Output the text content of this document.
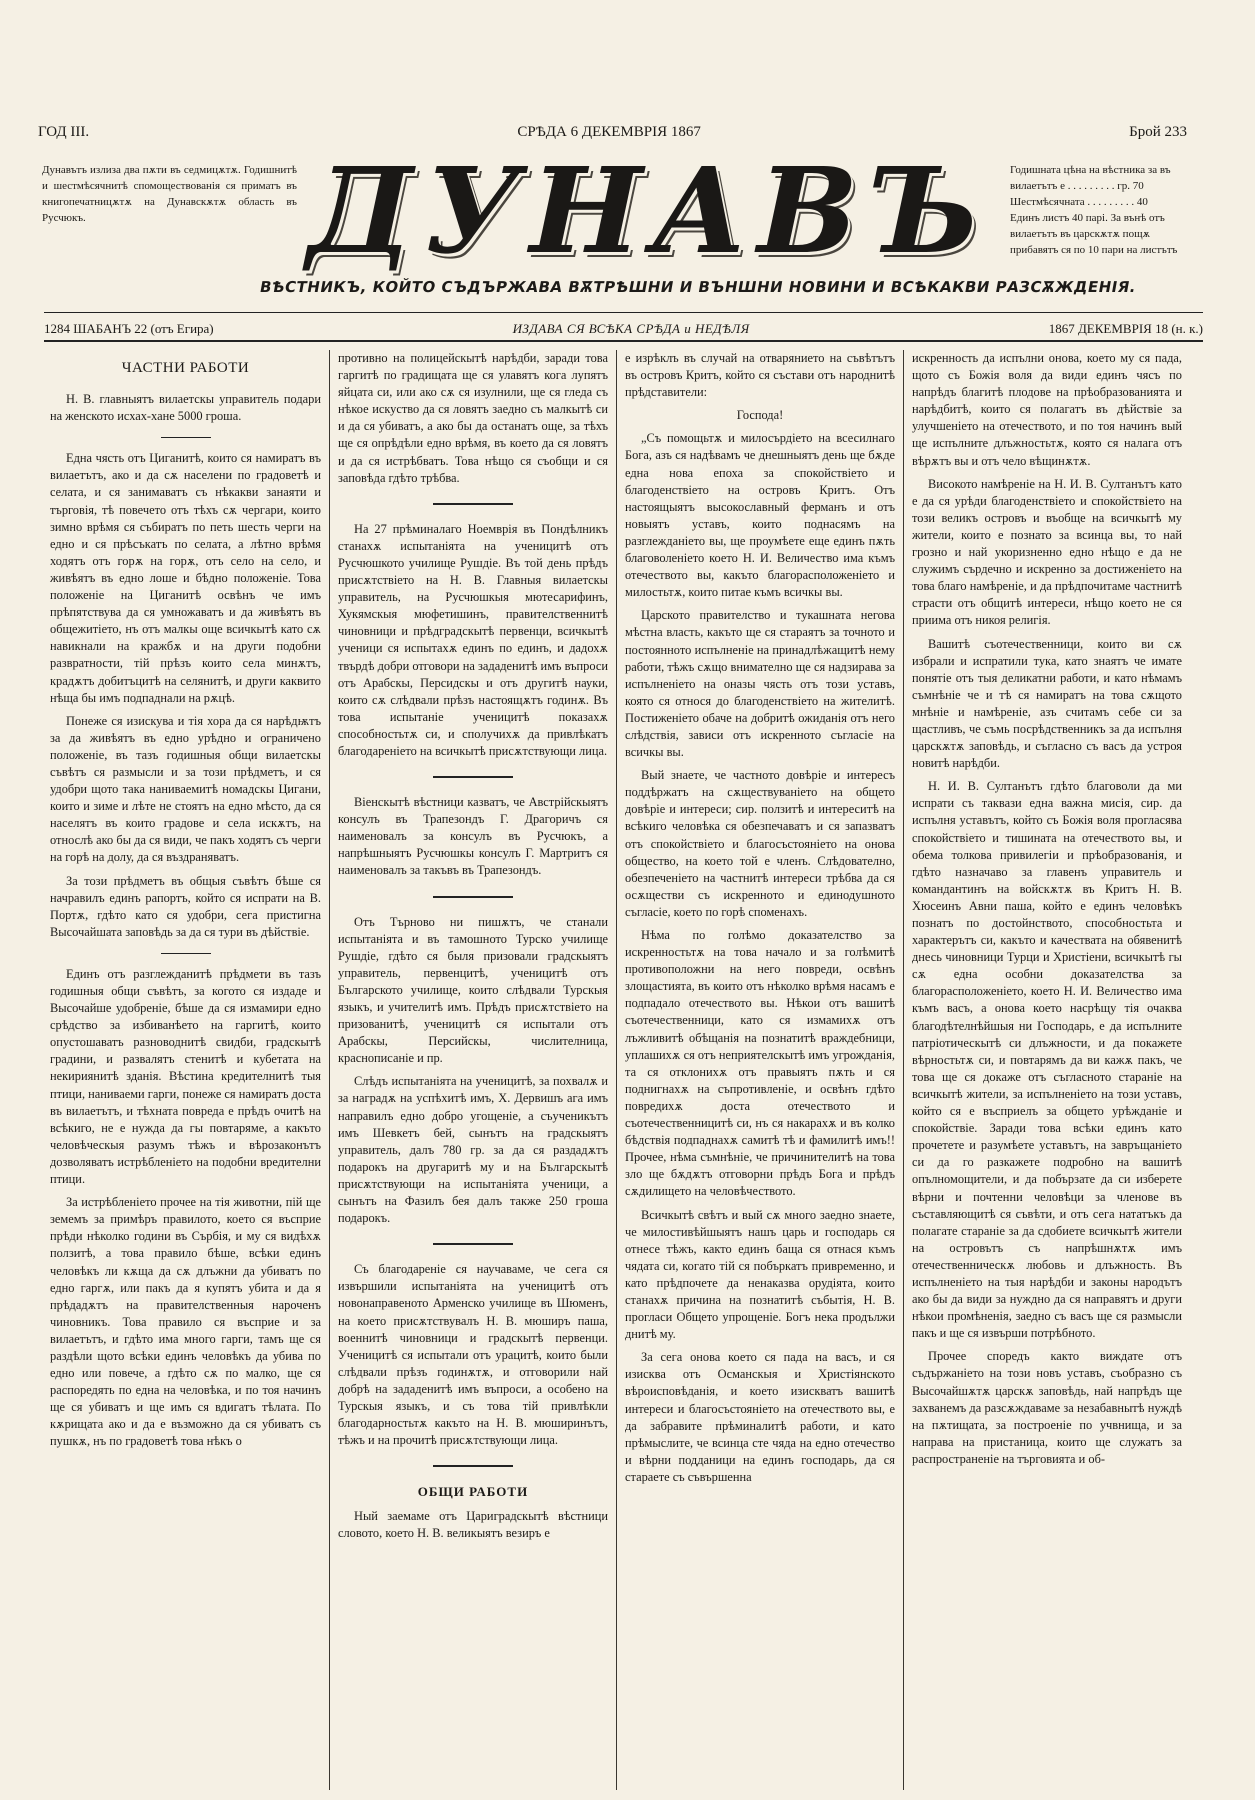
ГОД III.	СРѢДА 6 ДЕКЕМВРІЯ 1867	Брой 233
Дунавътъ излиза два пѫти въ седмицѫтѫ. Годишнитѣ и шестмѣсячнитѣ спомоществованія ся приматъ въ книгопечатницѫтѫ на Дунавскѫтѫ область въ Русчюкъ.
Годишната цѣна на вѣстника за въ
вилаетътъ е . . . . . . . . . гр. 70
Шестмѣсячната . . . . . . . . . 40
Единъ листъ 40 парі. За вънѣ отъ
вилаетътъ въ царскѫтѫ пощѫ
прибавятъ ся по 10 пари на листътъ
ДУНАВЪ
ВѢСТНИКЪ, КОЙТО СЪДЪРЖАВА ВѪТРѢШНИ И ВЪНШНИ НОВИНИ И ВСѢКАКВИ РАЗСѪЖДЕНІЯ.
1284 ШАБАНЪ 22 (отъ Егира)	ИЗДАВА СЯ ВСѢКА СРѢДА и НЕДѢЛЯ	1867 ДЕКЕМВРІЯ 18 (н. к.)
ЧАСТНИ РАБОТИ

Н. В. главныятъ вилаетскы управитель подари на женското исхах-хане 5000 гроша.

Една чясть отъ Циганитѣ, които ся намиратъ въ вилаетътъ, ако и да сѫ населени по градоветѣ и селата, и ся занимаватъ съ нѣкакви занаяти и търговія, тѣ повечето отъ тѣхъ сѫ чергари, които зимно врѣмя ся събиратъ по петь шесть черги на едно и ся прѣсъкатъ по селата, а лѣтно врѣмя ходятъ отъ горѫ на горѫ, отъ село на село, и живѣятъ въ едно лоше и бѣдно положеніе. Това положеніе на Циганитѣ освѣнъ че имъ прѣпятствува да ся умножаватъ и да живѣятъ въ общежитіето, нъ отъ малкы още всичкытѣ като сѫ навикнали на кражбѫ и на други подобни развратности, тій прѣзъ които села минѫтъ, крадѫтъ добитъцитѣ на селянитѣ, и други каквито нѣща бы имъ подпаднали на рѫцѣ.

Понеже ся изискува и тія хора да ся нарѣдѭтъ за да живѣятъ въ едно урѣдно и ограничено положеніе, въ тазъ годишныя общи вилаетскы съвѣтъ ся размысли и за този прѣдметъ, и ся удобри щото така наниваемитѣ номадскы Цигани, които и зиме и лѣте не стоятъ на едно мѣсто, да ся населятъ въ които градове и села искѫтъ, на относлѣ ако бы да ся види, че пакъ ходятъ съ черги на горѣ на долу, да ся въздраняватъ.

За този прѣдметъ въ общыя съвѣтъ бѣше ся начравилъ единъ рапортъ, който ся испрати на В. Портѫ, гдѣто като ся удобри, сега пристигна Высочайшата заповѣдь за да ся тури въ дѣйствіе.

Единъ отъ разглежданитѣ прѣдмети въ тазъ годишныя общи съвѣтъ, за когото ся издаде и Высочайше удобреніе, бѣше да ся измамири едно срѣдство за избиванѣето на гаргитѣ, които опустошаватъ разноводнитѣ свидби, градскытѣ градини, и развалятъ стенитѣ и кубетата на некириянитѣ зданія. Вѣстина кредителнитѣ тыя птици, наниваеми гарги, понеже ся намиратъ доста въ вилаетътъ, и тѣхната повреда е прѣдъ очитѣ на всѣкиго, не е нужда да гы повтаряме, а какъто человѣческыя разумъ тѣжъ и вѣрозаконътъ дозволяватъ истрѣбленіето на подобни вредителни птици.

За истрѣбленіето прочее на тія животни, пій ще земемъ за примѣръ правилото, което ся въсприе прѣди нѣколко години въ Сърбія, и му ся видѣхѫ ползитѣ, а това правило бѣше, всѣки единъ человѣкъ ли кѫща да сѫ длъжни да убиватъ по едно гаргѫ, или пакъ да я купятъ убита и да я прѣдадѫтъ на правителственныя нароченъ чиновникъ. Това правило ся въсприе и за вилаетътъ, и гдѣто има много гарги, тамъ ще ся раздѣли щото всѣки единъ человѣкъ да убива по едно или повече, а гдѣто сѫ по малко, ще ся распоредять по една на человѣка, и по тоя начинъ ще ся убиватъ и ще имъ ся вдигатъ тѣлата. По кѫрищата ако и да е възможно да ся убиватъ съ пушкѫ, нъ по градоветѣ това нѣкъ о

противно на полицейскытѣ нарѣдби, заради това гаргитѣ по градищата ще ся улавятъ кога лупятъ яйцата си, или ако сѫ ся изулнили, ще ся гледа съ нѣкое искуство да ся ловятъ заедно съ малкытѣ си и да ся убиватъ, а ако бы да останатъ още, за тѣхъ ще ся опрѣдѣли едно врѣмя, въ което да ся ловятъ и да ся истрѣбватъ. Това нѣщо ся съобщи и ся заповѣда гдѣто трѣбва.

На 27 прѣминалаго Ноемврія въ Пондѣлникъ станахѫ испытаніята на ученицитѣ отъ Русчюшкото училище Рушдіе. Въ той день прѣдъ присѫтствіето на Н. В. Главныя вилаетскы управитель, на Русчюшкыя мютесарифинъ, Хукямскыя мюфетишинъ, правителственнитѣ чиновници и прѣдградскытѣ первенци, всичкытѣ ученици ся испытахѫ единъ по единъ, и дадохѫ твърдѣ добри отговори на зададенитѣ имъ въпроси отъ Арабскы, Персидскы и отъ другитѣ науки, които сѫ слѣдвали прѣзъ настоящѫтъ годинѫ. Въ това испытаніе ученицитѣ показахѫ способностьтѫ си, и сполучихѫ да привлѣкатъ благодареніето на всичкытѣ присѫтствующи лица.

Віенскытѣ вѣстници казватъ, че Австрійскыятъ консулъ въ Трапезондъ Г. Драгоричъ ся наименовалъ за консулъ въ Русчюкъ, а напрѣшныятъ Русчюшкы консулъ Г. Мартритъ ся наименовалъ за такъвъ въ Трапезондъ.

Отъ Търново ни пишѫтъ, че станали испытаніята и въ тамошното Турско училище Рушдіе, гдѣто ся быля призовали градскыятъ управитель, первенцитѣ, ученицитѣ отъ Българското училище, които слѣдвали Турскыя языкъ, и учителитѣ имъ. Прѣдъ присѫтствіето на призованитѣ, ученицитѣ ся испытали отъ Арабскы, Персийскы, числителница, краснописаніе и пр.

Слѣдъ испытаніята на ученицитѣ, за похвалѫ и за наградѫ на успѣхитѣ имъ, Х. Дервишъ ага имъ направилъ едно добро угощеніе, а съученикътъ имъ Шевкетъ бей, сынътъ на градскыятъ управитель, далъ 780 гр. за да ся раздадѫтъ подарокъ на другаритѣ му и на Българскытѣ присѫтствующи на испытаніята ученици, а сынътъ на Фазилъ бея далъ также 250 гроша подарокъ.

Съ благодареніе ся научаваме, че сега ся извършили испытаніята на ученицитѣ отъ новонаправеното Арменско училище въ Шюменъ, на което присѫтствувалъ Н. В. мюширъ паша, военнитѣ чиновници и градскытѣ первенци. Ученицитѣ ся испытали отъ урацитѣ, които были слѣдвали прѣзъ годинѫтѫ, и отговорили най добрѣ на зададенитѣ имъ въпроси, а особено на Турскыя языкъ, и съ това тій привлѣкли благодарностьтѫ какъто на Н. В. мюширинътъ, тѣжъ и на прочитѣ присѫтствующи лица.

ОБЩИ РАБОТИ

Ный заемаме отъ Цариградскытѣ вѣстници словото, което Н. В. великыятъ везиръ е

е изрѣклъ въ случай на отварянието на съвѣтътъ въ островъ Критъ, който ся състави отъ народнитѣ прѣдставители:

Господа!

„Съ помощьтѫ и милосърдіето на всесилнаго Бога, азъ ся надѣвамъ че днешныятъ день ще бѫде една нова епоха за спокойствіето и благоденствіето на островъ Критъ. Отъ настоящыятъ высокославный ферманъ и отъ новыятъ уставъ, които поднасямъ на разглежданіето вы, ще проумѣете еще единъ пѫть благоволеніето което Н. И. Величество има къмъ отечеството вы, какъто благорасположеніето и милостьтѫ, които питае къмъ всичкы вы.

Царското правителство и тукашната негова мѣстна власть, какъто ще ся стараятъ за точното и постоянното испълненіе на принадлѣжащитѣ нему работи, тѣжъ сѫщо внимателно ще ся надзирава за испълненіето на оназы чясть отъ този уставъ, която ся относя до благоденствіето на жителитѣ. Постиженіето обаче на добритѣ ожиданія отъ него слѣдствія, зависи отъ искренното съгласіе на всичкы вы.

Вый знаете, че частното довѣріе и интересъ поддѣржатъ на сѫществуваніето на общето довѣріе и интереси; сир. ползитѣ и интереситѣ на всѣкиго человѣка ся обезпечаватъ и ся запазватъ отъ спокойствіето и благосъстояніето на онова общество, на което той е членъ. Слѣдователно, обезпеченіето на частнитѣ интереси трѣбва да ся осѫществи съ искренното и единодушното съгласіе, което по горѣ споменахъ.

Нѣма по голѣмо доказателство за искренностьтѫ на това начало и за голѣмитѣ противоположни на него повреди, освѣнъ злощастията, въ които отъ нѣколко врѣмя насамъ е подпадало отечеството вы. Нѣкои отъ вашитѣ съотечественници, като ся измамихѫ отъ лъжливитѣ обѣщанія на познатитѣ враждебници, уплашихѫ ся отъ неприятелскытѣ имъ угрожданія, та ся отклонихѫ отъ правыятъ пѫть и ся поднигнахѫ на съпротивленіе, и освѣнъ гдѣто повредихѫ доста отечеството и съотечественницитѣ си, нъ ся накарахѫ и въ колко бѣдствія подпаднахѫ самитѣ тѣ и фамилитѣ имъ!! Прочее, нѣма съмнѣніе, че причинителитѣ на това зло ще бѫдѫтъ отговорни прѣдъ Бога и прѣдъ сѫдилището на человѣчеството.

Всичкытѣ свѣтъ и вый сѫ много заедно знаете, че милостивѣйшыятъ нашъ царь и господарь ся отнесе тѣжъ, както единъ баща ся отнася къмъ чядата си, когато тій ся побъркатъ привременно, и като прѣдпочете да ненаказва орудіята, които станахѫ причина на познатитѣ събытія, Н. В. прогласи Общето упрощеніе. Богъ нека продължи днитѣ му.

За сега онова което ся пада на васъ, и ся изисква отъ Османскыя и Христіянското вѣроисповѣданія, и което изискватъ вашитѣ интереси и благосъстояніето на отечеството вы, е да забравите прѣминалитѣ работи, и като прѣмыслите, че всинца сте чяда на едно отечество и вѣрни подданици на единъ господарь, да ся стараете съ съвършенна

искренность да испълни онова, което му ся пада, щото съ Божія воля да види единъ чясъ по напрѣдъ благитѣ плодове на прѣобразованията и нарѣдбитѣ, които ся полагатъ въ дѣйствіе за улучшеніето на отечеството, и по тоя начинъ вый ще испълните длъжностьтѫ, която ся налага отъ вѣрѫтъ вы и отъ чело вѣщинѫтѫ.

Високото намѣреніе на Н. И. В. Султанътъ като е да ся урѣди благоденствіето и спокойствіето на този великъ островъ и въобще на всичкытѣ му жители, които е познато за всинца вы, то най грозно и най укоризненно едно нѣщо е да не служимъ сърдечно и искренно за достиженіето на това благо намѣреніе, и да прѣдпочитаме частнитѣ страсти отъ общитѣ интереси, нѣщо което не ся приима отъ никоя религія.

Вашитѣ съотечественници, които ви сѫ избрали и испратили тука, като знаятъ че имате понятіе отъ тыя деликатни работи, и като нѣмамъ съмнѣніе че и тѣ ся намиратъ на това сѫщото мнѣніе и намѣреніе, азъ считамъ себе си за щастливъ, че съмь посрѣдственникъ за да испълня царскѫтѫ заповѣдь, и съгласно съ васъ да устроя новитѣ нарѣдби.

Н. И. В. Султанътъ гдѣто благоволи да ми испрати съ таквази една важна мисія, сир. да испълня уставътъ, който съ Божія воля прогласява спокойствіето и тишината на отечеството вы, и обема толкова привилегіи и прѣобразованія, и гдѣто назначаво за главенъ управитель и командантинъ на войскѫтѫ въ Критъ Н. В. Хюсеинъ Авни паша, който е единъ человѣкъ познатъ по достойнството, способностьта и характерътъ си, какъто и качествата на обявенитѣ днесь чиновници Турци и Христіени, всичкытѣ гы сѫ една особни доказателства за благорасположеніето, което Н. И. Величество има къмъ васъ, а онова което насрѣщу тія очаква благодѣтелнѣйшыя ни Господарь, е да испълните патріотическытѣ си длъжности, и да покажете вѣрностьтѫ си, и повтарямъ да ви кажѫ пакъ, че това ще ся докаже отъ съгласното стараніе на всичкытѣ жители, за испълненіето на този уставъ, който ся е въсприелъ за общето урѣжданіе и спокойствіе. Заради това всѣки единъ като прочетете и разумѣете уставътъ, на завръщаніето си да го разкажете подробно на вашитѣ опълномощители, и да побързате да си изберете вѣрни и почтенни человѣци за членове въ съставляющитѣ ся съвѣти, и отъ сега нататъкъ да полагате стараніе за да сдобиете всичкытѣ жители на островътъ съ напрѣшнѫтѫ имъ отечественническѫ любовь и длъжность. Въ испълненіето на тыя нарѣдби и законы народътъ ако бы да види за нуждно да ся направятъ и други нѣкои промѣненія, заедно съ васъ ще ся размысли пакъ и ще ся извърши потрѣбното.

Прочее споредъ както виждате отъ съдържаніето на този новъ уставъ, съобразно съ Высочайшѫтѫ царскѫ заповѣдь, най напрѣдъ ще захванемъ да разсѫждаваме за незабавнытѣ нуждѣ на пѫтищата, за построеніе по учвнища, и за направа на пристаница, които ще служатъ за распространеніе на търговията и об-
